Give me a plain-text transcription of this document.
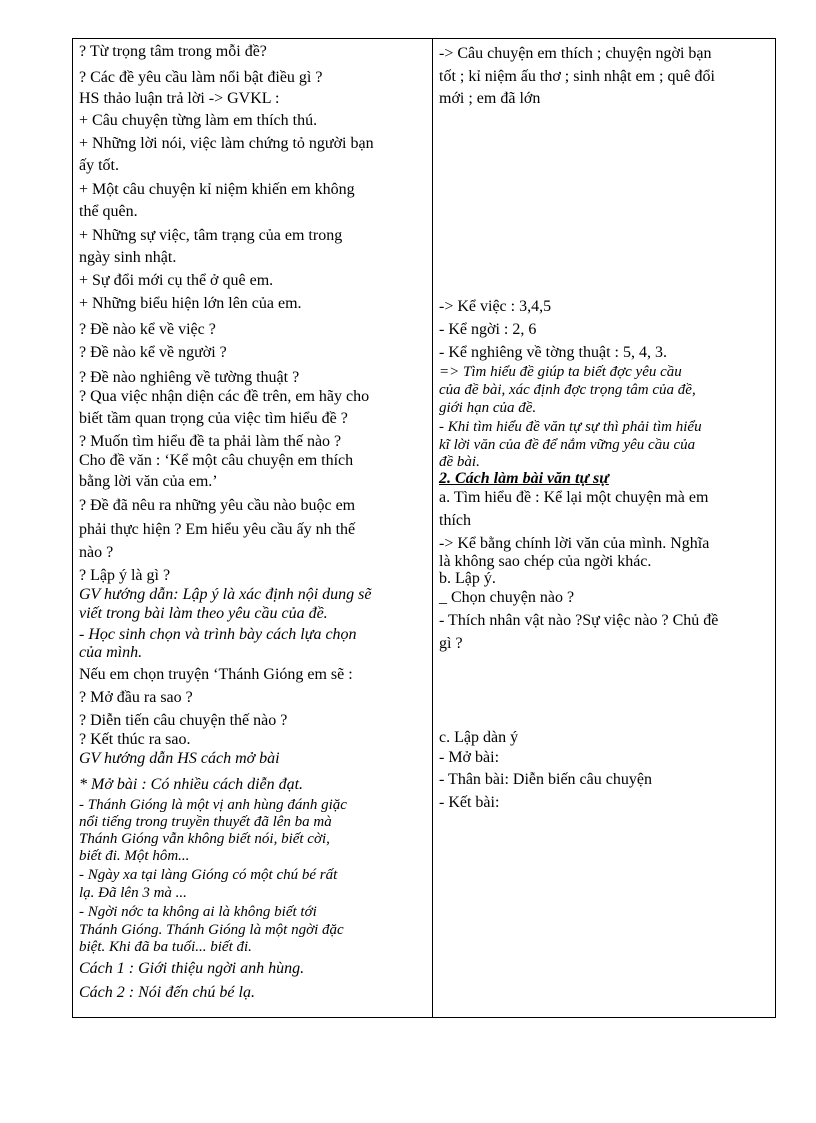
? Từ trọng tâm trong mỗi đề?
? Các đề yêu cầu làm nổi bật điều gì ?
HS thảo luận trả lời -> GVKL :
+ Câu chuyện từng làm em thích thú.
+ Những lời nói, việc làm chứng tỏ người bạn
ấy tốt.
+ Một câu chuyện kỉ niệm khiến em không
thể quên.
+ Những sự việc, tâm trạng của em trong
ngày sinh nhật.
+ Sự đổi mới cụ thể ở quê em.
+ Những biểu hiện lớn lên của em.
? Đề nào kể về việc ?
? Đề nào kể về người ?
? Đề nào nghiêng về tường thuật ?
? Qua việc nhận diện các đề trên, em hãy cho
biết tầm quan trọng của việc tìm hiểu đề ?
? Muốn tìm hiểu đề ta phải làm thế nào ?
Cho đề văn : ‘Kể một câu chuyện em thích
bằng lời văn của em.’
? Đề đã nêu ra những yêu cầu nào buộc em
phải thực hiện ? Em hiểu yêu cầu ấy nh thế
nào ?
? Lập ý là gì ?
GV hướng dẫn: Lập ý là xác định nội dung sẽ
viết trong bài làm theo yêu cầu của đề.
- Học sinh chọn và trình bày cách lựa chọn
của mình.
Nếu em chọn truyện ‘Thánh Gióng em sẽ :
? Mở đầu ra sao ?
? Diễn tiến câu chuyện thế nào ?
? Kết thúc ra sao.
GV hướng dẫn HS cách mở bài
* Mở bài : Có nhiều cách diễn đạt.
- Thánh Gióng là một vị anh hùng đánh giặc
nổi tiếng trong truyền thuyết đã lên ba mà
Thánh Gióng vẫn không biết nói, biết cời,
biết đi. Một hôm...
- Ngày xa tại làng Gióng có một chú bé rất
lạ. Đã lên 3 mà ...
- Ngời nớc ta không ai là không biết tới
Thánh Gióng. Thánh Gióng là một ngời đặc
biệt. Khi đã ba tuổi... biết đi.
Cách 1 : Giới thiệu ngời anh hùng.
Cách 2 : Nói đến chú bé lạ.
-> Câu chuyện em thích ; chuyện ngời bạn
tốt ; kỉ niệm ấu thơ ; sinh nhật em ; quê đổi
mới ; em đã lớn
-> Kể việc : 3,4,5
- Kể ngời : 2, 6
- Kể nghiêng về tờng thuật : 5, 4, 3.
=> Tìm hiểu đề giúp ta biết đợc yêu cầu
của đề bài, xác định đợc trọng tâm của đề,
giới hạn của đề.
- Khi tìm hiểu đề văn tự sự thì phải tìm hiểu
kĩ lời văn của đề để nắm vững yêu cầu của
đề bài.
2. Cách làm bài văn tự sự
a. Tìm hiểu đề : Kể lại một chuyện mà em
thích
-> Kể bằng chính lời văn của mình. Nghĩa
là không sao chép của ngời khác.
b. Lập ý.
_ Chọn chuyện nào ?
- Thích nhân vật nào ?Sự việc nào ? Chủ đề
gì ?
c. Lập dàn ý
- Mở bài:
- Thân bài: Diễn biến câu chuyện
- Kết bài:
